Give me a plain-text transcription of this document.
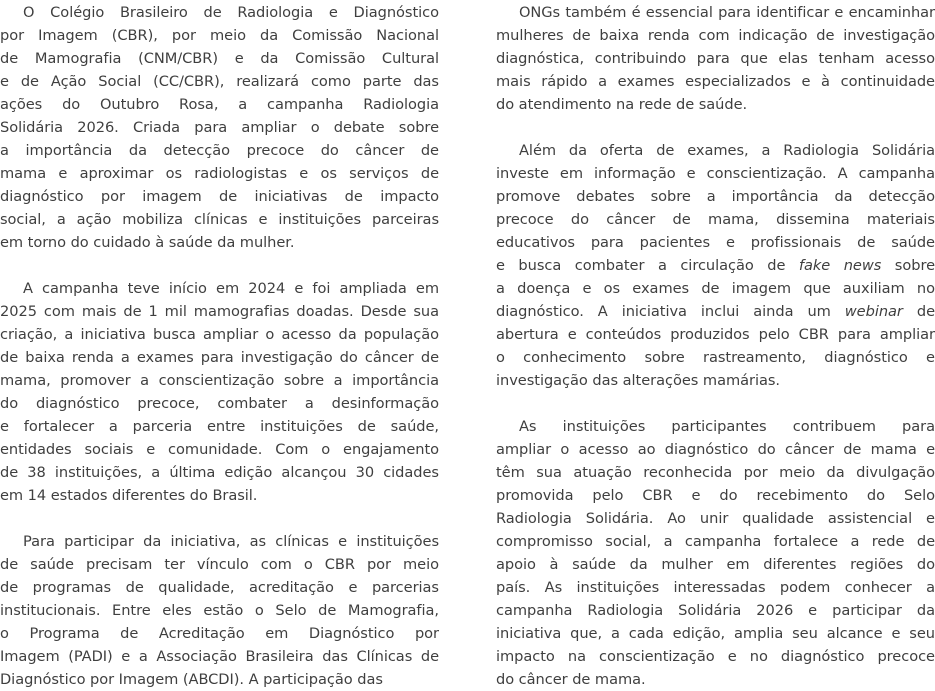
O Colégio Brasileiro de Radiologia e Diagnóstico
por Imagem (CBR), por meio da Comissão Nacional
de Mamografia (CNM/CBR) e da Comissão Cultural
e de Ação Social (CC/CBR), realizará como parte das
ações do Outubro Rosa, a campanha Radiologia
Solidária 2026. Criada para ampliar o debate sobre
a importância da detecção precoce do câncer de
mama e aproximar os radiologistas e os serviços de
diagnóstico por imagem de iniciativas de impacto
social, a ação mobiliza clínicas e instituições parceiras
em torno do cuidado à saúde da mulher.
A campanha teve início em 2024 e foi ampliada em
2025 com mais de 1 mil mamografias doadas. Desde sua
criação, a iniciativa busca ampliar o acesso da população
de baixa renda a exames para investigação do câncer de
mama, promover a conscientização sobre a importância
do diagnóstico precoce, combater a desinformação
e fortalecer a parceria entre instituições de saúde,
entidades sociais e comunidade. Com o engajamento
de 38 instituições, a última edição alcançou 30 cidades
em 14 estados diferentes do Brasil.
Para participar da iniciativa, as clínicas e instituições
de saúde precisam ter vínculo com o CBR por meio
de programas de qualidade, acreditação e parcerias
institucionais. Entre eles estão o Selo de Mamografia,
o Programa de Acreditação em Diagnóstico por
Imagem (PADI) e a Associação Brasileira das Clínicas de
Diagnóstico por Imagem (ABCDI). A participação das
ONGs também é essencial para identificar e encaminhar
mulheres de baixa renda com indicação de investigação
diagnóstica, contribuindo para que elas tenham acesso
mais rápido a exames especializados e à continuidade
do atendimento na rede de saúde.
Além da oferta de exames, a Radiologia Solidária
investe em informação e conscientização. A campanha
promove debates sobre a importância da detecção
precoce do câncer de mama, dissemina materiais
educativos para pacientes e profissionais de saúde
e busca combater a circulação de fake news sobre
a doença e os exames de imagem que auxiliam no
diagnóstico. A iniciativa inclui ainda um webinar de
abertura e conteúdos produzidos pelo CBR para ampliar
o conhecimento sobre rastreamento, diagnóstico e
investigação das alterações mamárias.
As instituições participantes contribuem para
ampliar o acesso ao diagnóstico do câncer de mama e
têm sua atuação reconhecida por meio da divulgação
promovida pelo CBR e do recebimento do Selo
Radiologia Solidária. Ao unir qualidade assistencial e
compromisso social, a campanha fortalece a rede de
apoio à saúde da mulher em diferentes regiões do
país. As instituições interessadas podem conhecer a
campanha Radiologia Solidária 2026 e participar da
iniciativa que, a cada edição, amplia seu alcance e seu
impacto na conscientização e no diagnóstico precoce
do câncer de mama.
